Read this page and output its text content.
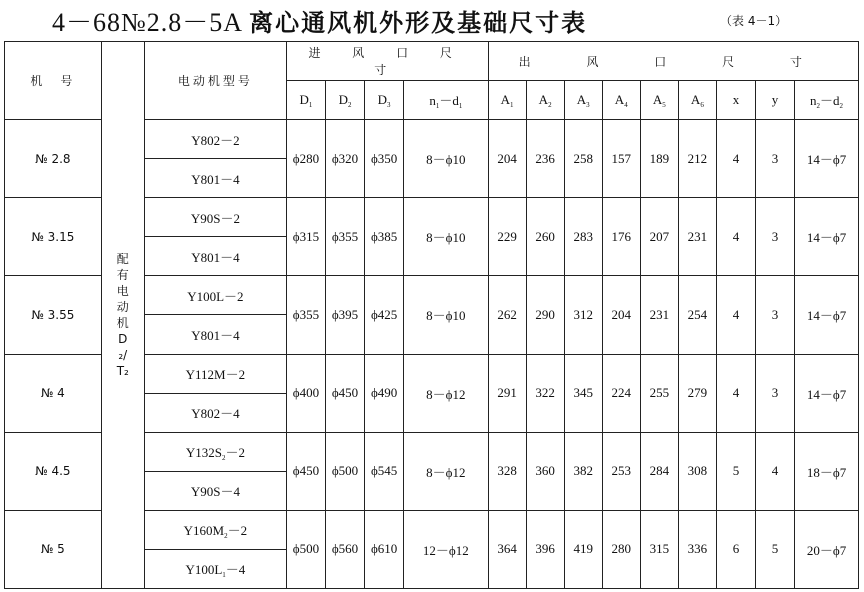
4－68№2.8－5A 离心通风机外形及基础尺寸表	（表 4－1）
机　号	配有电动机D₂/T₂	电动机型号	进 风 口 尺 寸				出 风 口 尺 寸								
			$D_1$	$D_2$	$D_3$	$n_1-d_1$	$A_1$	$A_2$	$A_3$	$A_4$	$A_5$	$A_6$	x	y	$n_2-d_2$
№ 2.8		Y802－2	ϕ280	ϕ320	ϕ350	8－ϕ10	204	236	258	157	189	212	4	3	14－ϕ7
		Y801－4													
№ 3.15		Y90S－2	ϕ315	ϕ355	ϕ385	8－ϕ10	229	260	283	176	207	231	4	3	14－ϕ7
		Y801－4													
№ 3.55		Y100L－2	ϕ355	ϕ395	ϕ425	8－ϕ10	262	290	312	204	231	254	4	3	14－ϕ7
		Y801－4													
№ 4		Y112M－2	ϕ400	ϕ450	ϕ490	8－ϕ12	291	322	345	224	255	279	4	3	14－ϕ7
		Y802－4													
№ 4.5		$Y132S_2-2$	ϕ450	ϕ500	ϕ545	8－ϕ12	328	360	382	253	284	308	5	4	18－ϕ7
		Y90S－4													
№ 5		$Y160M_2-2$	ϕ500	ϕ560	ϕ610	12－ϕ12	364	396	419	280	315	336	6	5	20－ϕ7
		$Y100L_1-4$													
